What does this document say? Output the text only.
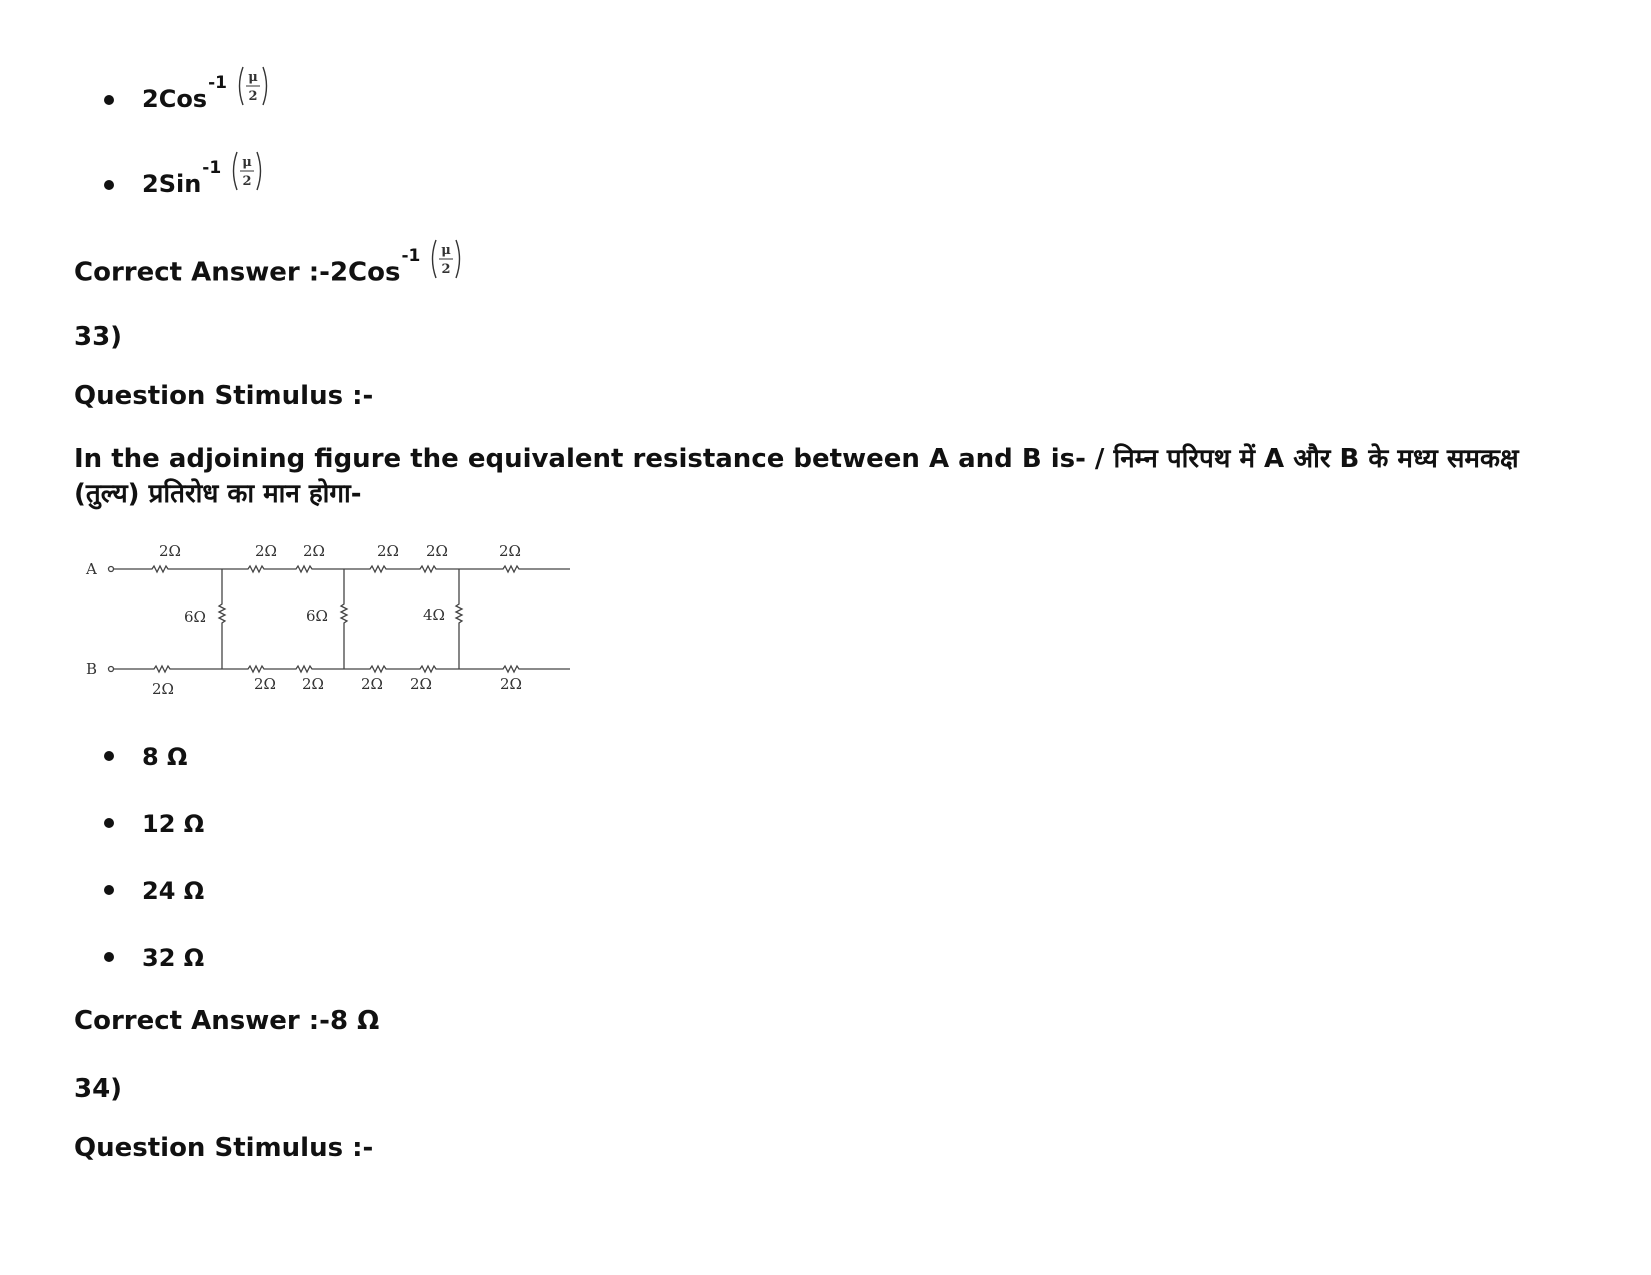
2Cos$^{-1}$ μ
2
2Sin$^{-1}$ μ
2
Correct Answer :-2Cos$^{-1}$ μ
2
33)
Question Stimulus :-
In the adjoining figure the equivalent resistance between A and B is- / निम्न परिपथ में A और B के मध्य समकक्ष (तुल्य) प्रतिरोध का मान होगा-
A
B
2Ω	2Ω 2Ω	2Ω 2Ω	2Ω
2Ω	2Ω 2Ω 2Ω 2Ω	2Ω
6Ω	6Ω	4Ω
8 Ω
12 Ω
24 Ω
32 Ω
Correct Answer :-8 Ω
34)
Question Stimulus :-
